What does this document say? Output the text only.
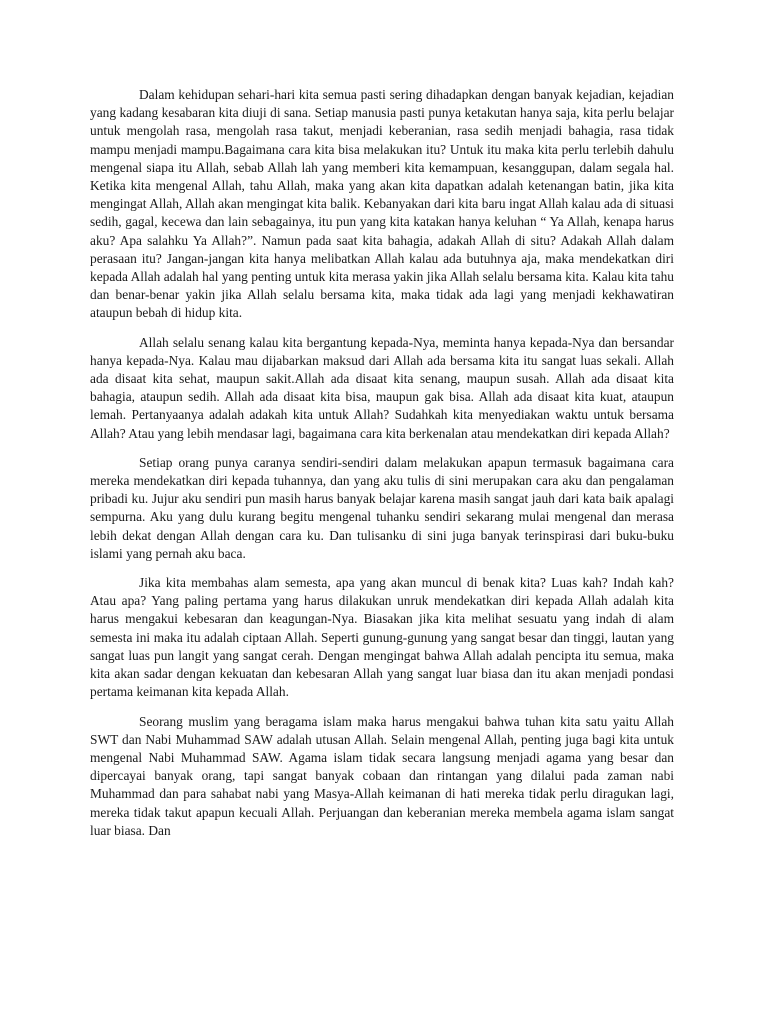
Dalam kehidupan sehari-hari kita semua pasti sering dihadapkan dengan banyak kejadian, kejadian yang kadang kesabaran kita diuji di sana. Setiap manusia pasti punya ketakutan hanya saja, kita perlu belajar untuk mengolah rasa, mengolah rasa takut, menjadi keberanian, rasa sedih menjadi bahagia, rasa tidak mampu menjadi mampu.Bagaimana cara kita bisa melakukan itu? Untuk itu maka kita perlu terlebih dahulu mengenal siapa itu Allah, sebab Allah lah yang memberi kita kemampuan, kesanggupan, dalam segala hal. Ketika kita mengenal Allah, tahu Allah, maka yang akan kita dapatkan adalah ketenangan batin, jika kita mengingat Allah, Allah akan mengingat kita balik. Kebanyakan dari kita baru ingat Allah kalau ada di situasi sedih, gagal, kecewa dan lain sebagainya, itu pun yang kita katakan hanya keluhan “ Ya Allah, kenapa harus aku? Apa salahku Ya Allah?”. Namun pada saat kita bahagia, adakah Allah di situ? Adakah Allah dalam perasaan itu? Jangan-jangan kita hanya melibatkan Allah kalau ada butuhnya aja, maka mendekatkan diri kepada Allah adalah hal yang penting untuk kita merasa yakin jika Allah selalu bersama kita. Kalau kita tahu dan benar-benar yakin jika Allah selalu bersama kita, maka tidak ada lagi yang menjadi kekhawatiran ataupun bebah di hidup kita.

Allah selalu senang kalau kita bergantung kepada-Nya, meminta hanya kepada-Nya dan bersandar hanya kepada-Nya. Kalau mau dijabarkan maksud dari Allah ada bersama kita itu sangat luas sekali. Allah ada disaat kita sehat, maupun sakit.Allah ada disaat kita senang, maupun susah. Allah ada disaat kita bahagia, ataupun sedih. Allah ada disaat kita bisa, maupun gak bisa. Allah ada disaat kita kuat, ataupun lemah. Pertanyaanya adalah adakah kita untuk Allah? Sudahkah kita menyediakan waktu untuk bersama Allah? Atau yang lebih mendasar lagi, bagaimana cara kita berkenalan atau mendekatkan diri kepada Allah?

Setiap orang punya caranya sendiri-sendiri dalam melakukan apapun termasuk bagaimana cara mereka mendekatkan diri kepada tuhannya, dan yang aku tulis di sini merupakan cara aku dan pengalaman pribadi ku. Jujur aku sendiri pun masih harus banyak belajar karena masih sangat jauh dari kata baik apalagi sempurna. Aku yang dulu kurang begitu mengenal tuhanku sendiri sekarang mulai mengenal dan merasa lebih dekat dengan Allah dengan cara ku. Dan tulisanku di sini juga banyak terinspirasi dari buku-buku islami yang pernah aku baca.

Jika kita membahas alam semesta, apa yang akan muncul di benak kita? Luas kah? Indah kah? Atau apa? Yang paling pertama yang harus dilakukan unruk mendekatkan diri kepada Allah adalah kita harus mengakui kebesaran dan keagungan-Nya. Biasakan jika kita melihat sesuatu yang indah di alam semesta ini maka itu adalah ciptaan Allah. Seperti gunung-gunung yang sangat besar dan tinggi, lautan yang sangat luas pun langit yang sangat cerah. Dengan mengingat bahwa Allah adalah pencipta itu semua, maka kita akan sadar dengan kekuatan dan kebesaran Allah yang sangat luar biasa dan itu akan menjadi pondasi pertama keimanan kita kepada Allah.

Seorang muslim yang beragama islam maka harus mengakui bahwa tuhan kita satu yaitu Allah SWT dan Nabi Muhammad SAW adalah utusan Allah. Selain mengenal Allah, penting juga bagi kita untuk mengenal Nabi Muhammad SAW. Agama islam tidak secara langsung menjadi agama yang besar dan dipercayai banyak orang, tapi sangat banyak cobaan dan rintangan yang dilalui pada zaman nabi Muhammad dan para sahabat nabi yang Masya-Allah keimanan di hati mereka tidak perlu diragukan lagi, mereka tidak takut apapun kecuali Allah. Perjuangan dan keberanian mereka membela agama islam sangat luar biasa. Dan
